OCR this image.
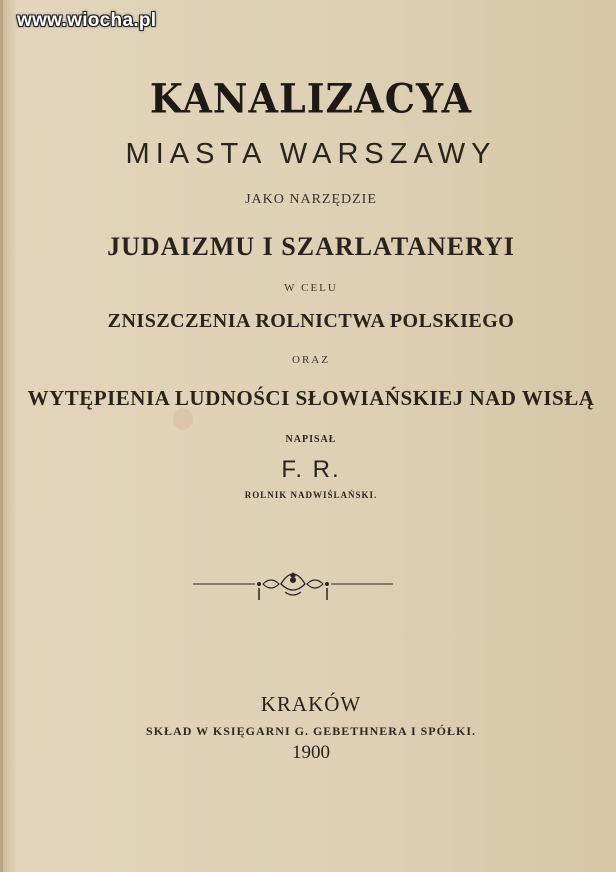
www.wiocha.pl
KANALIZACYA
MIASTA WARSZAWY
JAKO NARZĘDZIE
JUDAIZMU I SZARLATANERYI
W CELU
ZNISZCZENIA ROLNICTWA POLSKIEGO
ORAZ
WYTĘPIENIA LUDNOŚCI SŁOWIAŃSKIEJ NAD WISŁĄ
NAPISAŁ
F. R.
ROLNIK NADWIŚLAŃSKI.
KRAKÓW
SKŁAD W KSIĘGARNI G. GEBETHNERA I SPÓŁKI.
1900
